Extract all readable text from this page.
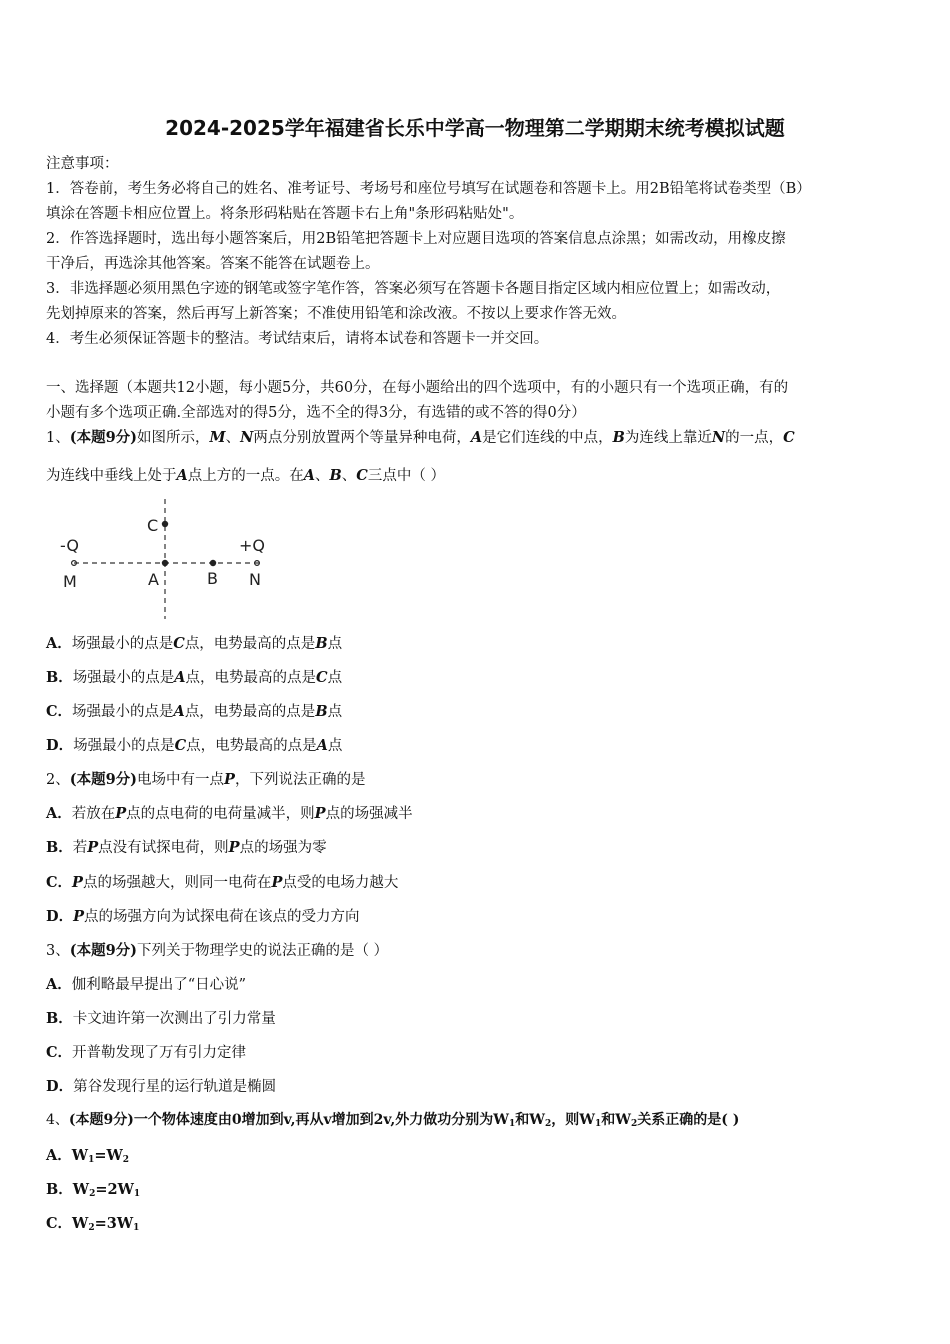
2024-2025学年福建省长乐中学高一物理第二学期期末统考模拟试题
注意事项：
1．答卷前，考生务必将自己的姓名、准考证号、考场号和座位号填写在试题卷和答题卡上。用2B铅笔将试卷类型（B）
填涂在答题卡相应位置上。将条形码粘贴在答题卡右上角"条形码粘贴处"。
2．作答选择题时，选出每小题答案后，用2B铅笔把答题卡上对应题目选项的答案信息点涂黑；如需改动，用橡皮擦
干净后，再选涂其他答案。答案不能答在试题卷上。
3．非选择题必须用黑色字迹的钢笔或签字笔作答，答案必须写在答题卡各题目指定区域内相应位置上；如需改动，
先划掉原来的答案，然后再写上新答案；不准使用铅笔和涂改液。不按以上要求作答无效。
4．考生必须保证答题卡的整洁。考试结束后，请将本试卷和答题卡一并交回。
一、选择题（本题共12小题，每小题5分，共60分，在每小题给出的四个选项中，有的小题只有一个选项正确，有的
小题有多个选项正确.全部选对的得5分，选不全的得3分，有选错的或不答的得0分）
1、(本题9分)如图所示，M、N两点分别放置两个等量异种电荷，A是它们连线的中点，B为连线上靠近N的一点，C
为连线中垂线上处于A点上方的一点。在A、B、C三点中（ ）
-Q	+Q
M	N
A	B
C
A．场强最小的点是C点，电势最高的点是B点
B．场强最小的点是A点，电势最高的点是C点
C．场强最小的点是A点，电势最高的点是B点
D．场强最小的点是C点，电势最高的点是A点
2、(本题9分)电场中有一点P，下列说法正确的是
A．若放在P点的点电荷的电荷量减半，则P点的场强减半
B．若P点没有试探电荷，则P点的场强为零
C．P点的场强越大，则同一电荷在P点受的电场力越大
D．P点的场强方向为试探电荷在该点的受力方向
3、(本题9分)下列关于物理学史的说法正确的是（ ）
A．伽利略最早提出了“日心说”
B．卡文迪许第一次测出了引力常量
C．开普勒发现了万有引力定律
D．第谷发现行星的运行轨道是椭圆
4、(本题9分)一个物体速度由0增加到v,再从v增加到2v,外力做功分别为$W_1$和$W_2$，则$W_1$和$W_2$关系正确的是( )
A．$W_1=W_2$
B．$W_2=2W_1$
C．$W_2=3W_1$
